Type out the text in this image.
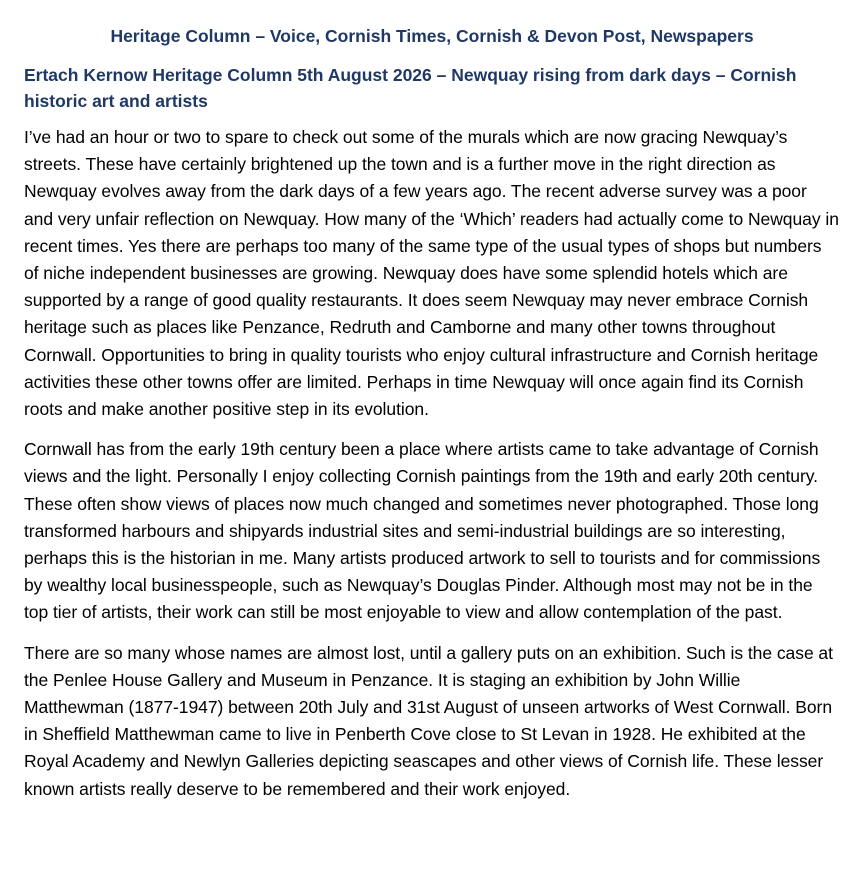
Heritage Column – Voice, Cornish Times, Cornish & Devon Post, Newspapers
Ertach Kernow Heritage Column 5th August 2026 – Newquay rising from dark days – Cornish historic art and artists

I’ve had an hour or two to spare to check out some of the murals which are now gracing Newquay’s streets. These have certainly brightened up the town and is a further move in the right direction as Newquay evolves away from the dark days of a few years ago. The recent adverse survey was a poor and very unfair reflection on Newquay. How many of the ‘Which’ readers had actually come to Newquay in recent times. Yes there are perhaps too many of the same type of the usual types of shops but numbers of niche independent businesses are growing. Newquay does have some splendid hotels which are supported by a range of good quality restaurants. It does seem Newquay may never embrace Cornish heritage such as places like Penzance, Redruth and Camborne and many other towns throughout Cornwall. Opportunities to bring in quality tourists who enjoy cultural infrastructure and Cornish heritage activities these other towns offer are limited. Perhaps in time Newquay will once again find its Cornish roots and make another positive step in its evolution.

Cornwall has from the early 19th century been a place where artists came to take advantage of Cornish views and the light. Personally I enjoy collecting Cornish paintings from the 19th and early 20th century. These often show views of places now much changed and sometimes never photographed. Those long transformed harbours and shipyards industrial sites and semi-industrial buildings are so interesting, perhaps this is the historian in me. Many artists produced artwork to sell to tourists and for commissions by wealthy local businesspeople, such as Newquay’s Douglas Pinder. Although most may not be in the top tier of artists, their work can still be most enjoyable to view and allow contemplation of the past.

There are so many whose names are almost lost, until a gallery puts on an exhibition. Such is the case at the Penlee House Gallery and Museum in Penzance. It is staging an exhibition by John Willie Matthewman (1877-1947) between 20th July and 31st August of unseen artworks of West Cornwall. Born in Sheffield Matthewman came to live in Penberth Cove close to St Levan in 1928. He exhibited at the Royal Academy and Newlyn Galleries depicting seascapes and other views of Cornish life. These lesser known artists really deserve to be remembered and their work enjoyed.
